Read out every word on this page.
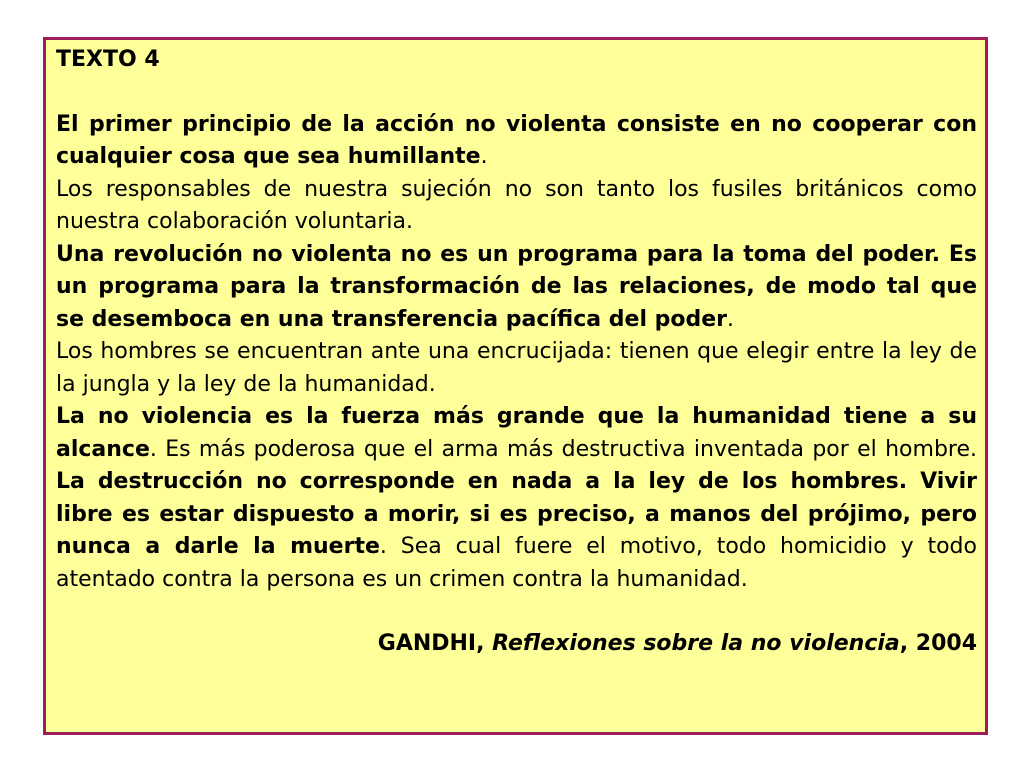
TEXTO 4
El primer principio de la acción no violenta consiste en no cooperar con cualquier cosa que sea humillante.
Los responsables de nuestra sujeción no son tanto los fusiles británicos como nuestra colaboración voluntaria.
Una revolución no violenta no es un programa para la toma del poder. Es un programa para la transformación de las relaciones, de modo tal que se desemboca en una transferencia pacífica del poder.
Los hombres se encuentran ante una encrucijada: tienen que elegir entre la ley de la jungla y la ley de la humanidad.
La no violencia es la fuerza más grande que la humanidad tiene a su alcance. Es más poderosa que el arma más destructiva inventada por el hombre. La destrucción no corresponde en nada a la ley de los hombres. Vivir libre es estar dispuesto a morir, si es preciso, a manos del prójimo, pero nunca a darle la muerte. Sea cual fuere el motivo, todo homicidio y todo atentado contra la persona es un crimen contra la humanidad.
GANDHI, Reflexiones sobre la no violencia, 2004
